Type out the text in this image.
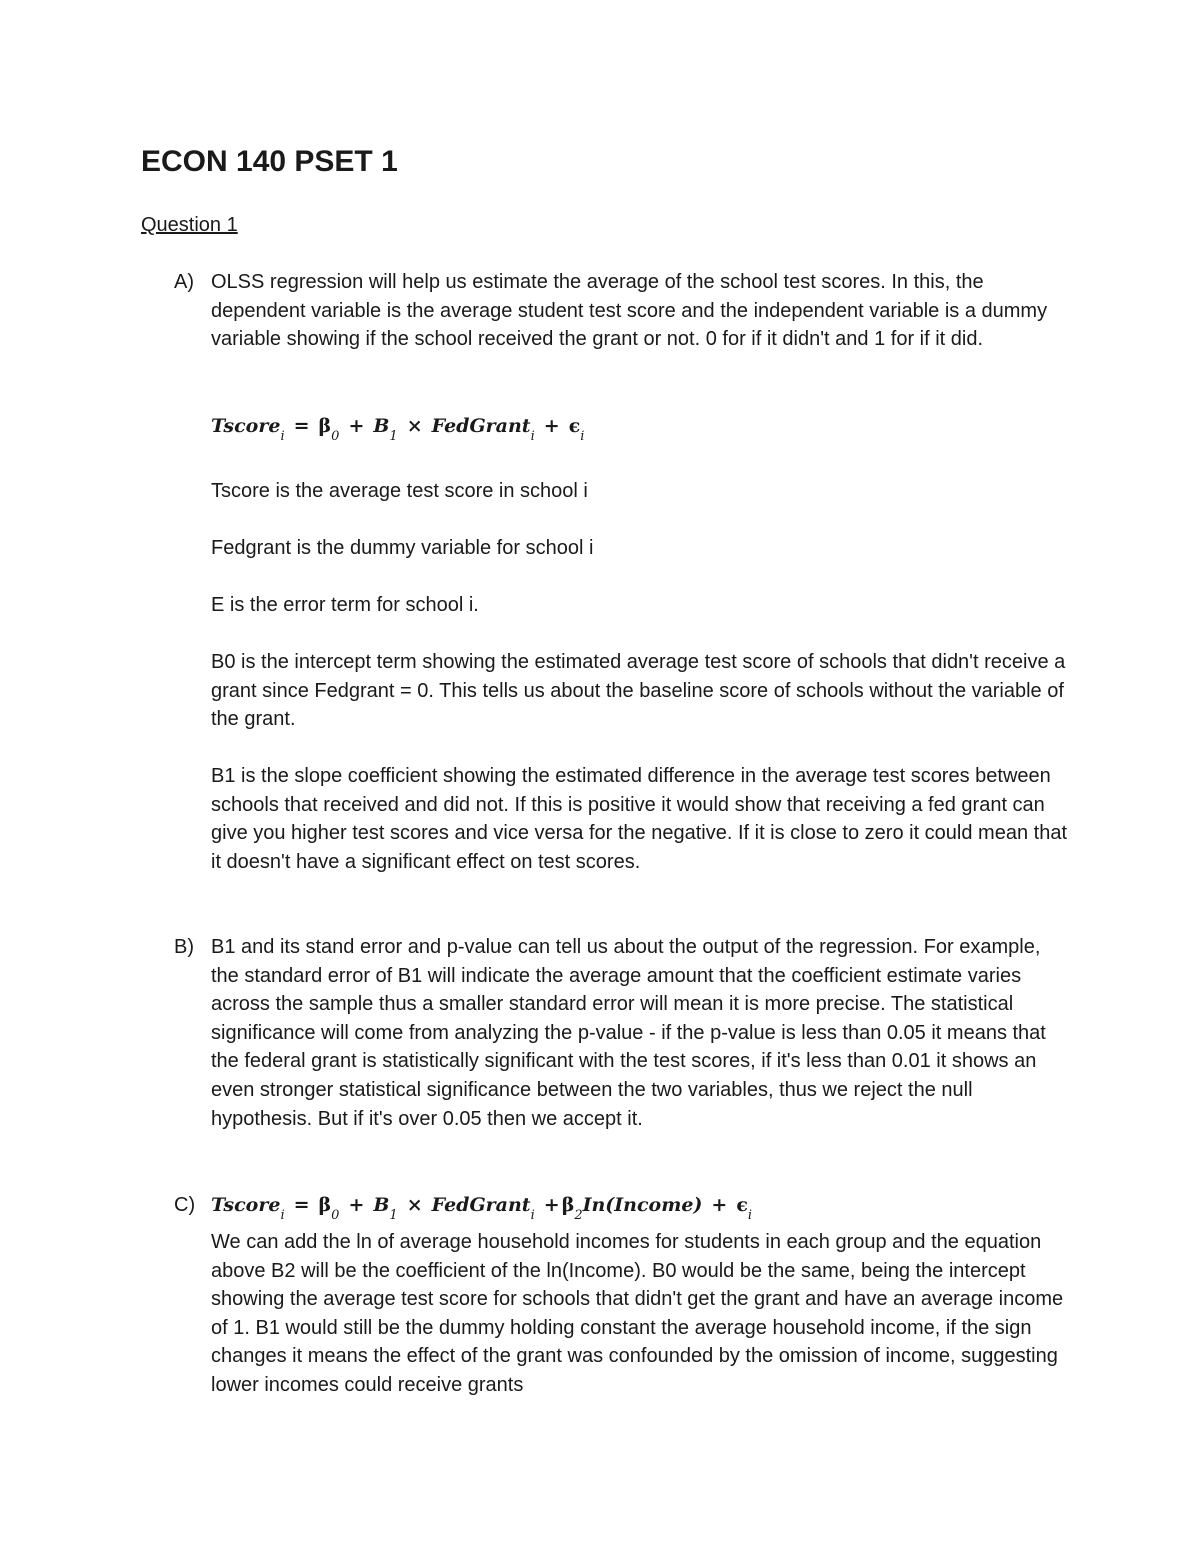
ECON 140 PSET 1
Question 1
A) OLSS regression will help us estimate the average of the school test scores. In this, the dependent variable is the average student test score and the independent variable is a dummy variable showing if the school received the grant or not. 0 for if it didn't and 1 for if it did.

Tscore$_i$ = $\beta_0 + B_1$ × FedGrant$_i$ + $\epsilon_i$

Tscore is the average test score in school i

Fedgrant is the dummy variable for school i

E is the error term for school i.

B0 is the intercept term showing the estimated average test score of schools that didn't receive a grant since Fedgrant = 0. This tells us about the baseline score of schools without the variable of the grant.

B1 is the slope coefficient showing the estimated difference in the average test scores between schools that received and did not. If this is positive it would show that receiving a fed grant can give you higher test scores and vice versa for the negative. If it is close to zero it could mean that it doesn't have a significant effect on test scores.

B) B1 and its stand error and p-value can tell us about the output of the regression. For example, the standard error of B1 will indicate the average amount that the coefficient estimate varies across the sample thus a smaller standard error will mean it is more precise. The statistical significance will come from analyzing the p-value - if the p-value is less than 0.05 it means that the federal grant is statistically significant with the test scores, if it's less than 0.01 it shows an even stronger statistical significance between the two variables, thus we reject the null hypothesis. But if it's over 0.05 then we accept it.

C) Tscore$_i$ = $\beta_0 + B_1$ × FedGrant$_i$ + $\beta_2In(Income) + \epsilon_i$

We can add the ln of average household incomes for students in each group and the equation above B2 will be the coefficient of the ln(Income). B0 would be the same, being the intercept showing the average test score for schools that didn't get the grant and have an average income of 1. B1 would still be the dummy holding constant the average household income, if the sign changes it means the effect of the grant was confounded by the omission of income, suggesting lower incomes could receive grants
